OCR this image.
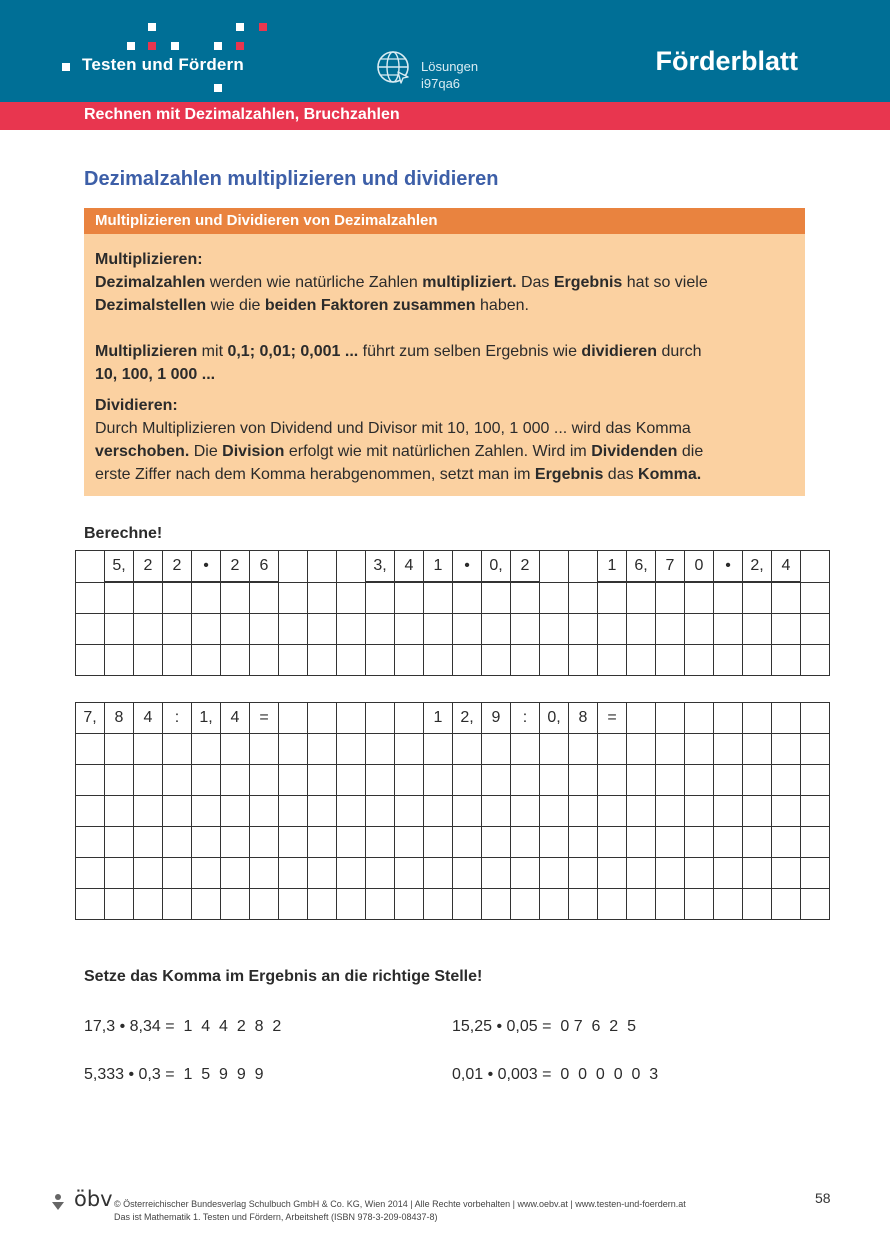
Testen und Fördern	Lösungen
i97qa6
Förderblatt
Rechnen mit Dezimalzahlen, Bruchzahlen
Dezimalzahlen multiplizieren und dividieren
Multiplizieren und Dividieren von Dezimalzahlen

Multiplizieren:

Dezimalzahlen werden wie natürliche Zahlen multipliziert. Das Ergebnis hat so viele

Dezimalstellen wie die beiden Faktoren zusammen haben.

Multiplizieren mit 0,1; 0,01; 0,001 ... führt zum selben Ergebnis wie dividieren durch

10, 100, 1 000 ...

Dividieren:

Durch Multiplizieren von Dividend und Divisor mit 10, 100, 1 000 ... wird das Komma

verschoben. Die Division erfolgt wie mit natürlichen Zahlen. Wird im Dividenden die

erste Ziffer nach dem Komma herabgenommen, setzt man im Ergebnis das Komma.

Berechne!
	5,	2	2	•	2	6				3,	4	1	•	0,	2			1	6,	7	0	•	2,	4	

7,	8	4	:	1,	4	=						1	2,	9	:	0,	8	=							

Setze das Komma im Ergebnis an die richtige Stelle!
17,3 • 8,34 =  1  4  4  2  8  2	15,25 • 0,05 =  0 7  6  2  5
5,333 • 0,3 =  1  5  9  9  9	0,01 • 0,003 =  0  0  0  0  0  3
öbv © Österreichischer Bundesverlag Schulbuch GmbH & Co. KG, Wien 2014 | Alle Rechte vorbehalten | www.oebv.at | www.testen-und-foerdern.at
Das ist Mathematik 1. Testen und Fördern, Arbeitsheft (ISBN 978-3-209-08437-8)
58
